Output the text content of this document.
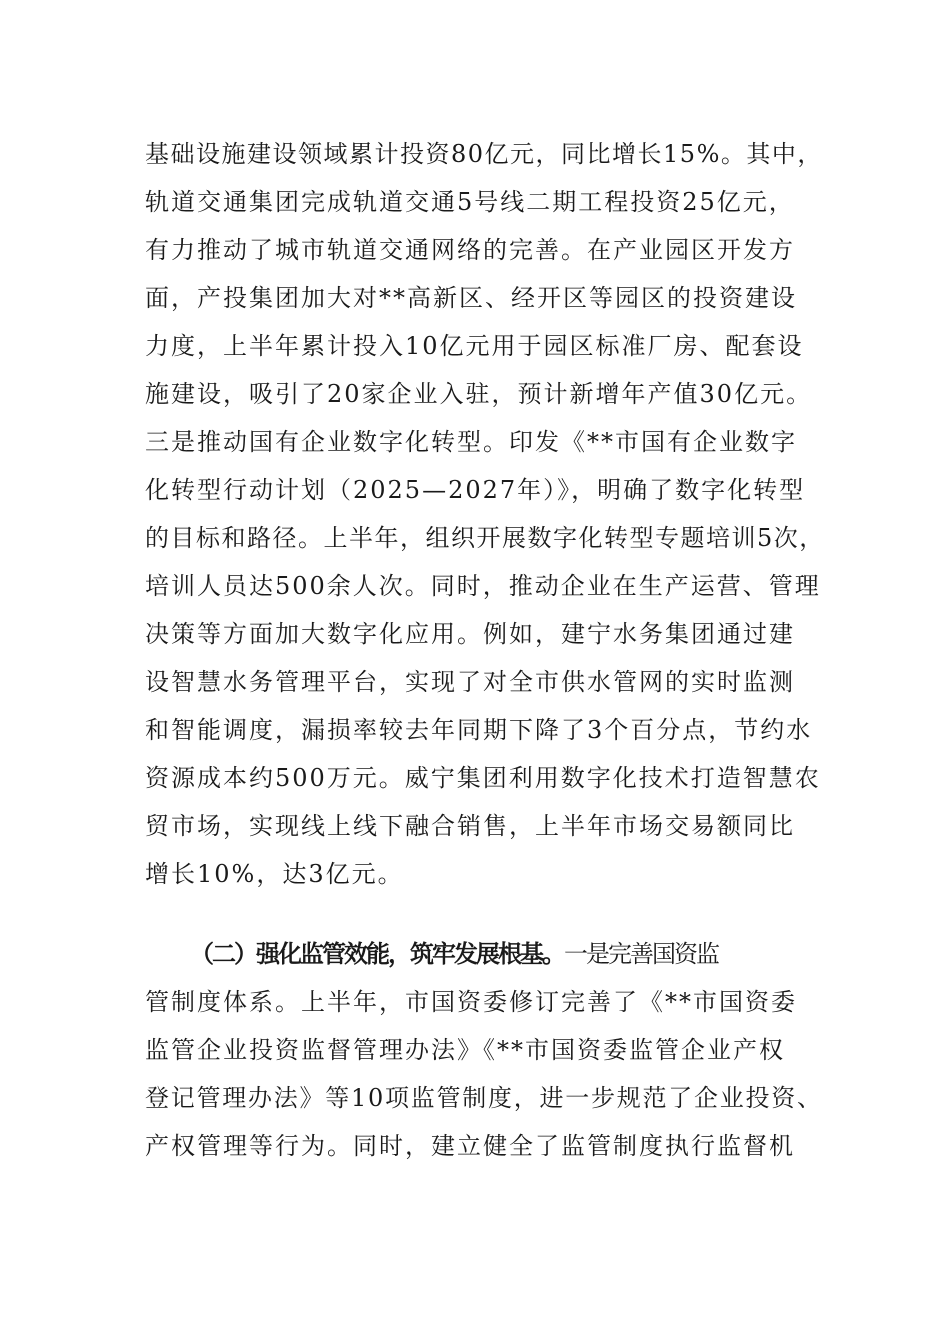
基础设施建设领域累计投资80亿元，同比增长15%。其中，
轨道交通集团完成轨道交通5号线二期工程投资25亿元，
有力推动了城市轨道交通网络的完善。在产业园区开发方
面，产投集团加大对**高新区、经开区等园区的投资建设
力度，上半年累计投入10亿元用于园区标准厂房、配套设
施建设，吸引了20家企业入驻，预计新增年产值30亿元。
三是推动国有企业数字化转型。印发《**市国有企业数字
化转型行动计划（2025—2027年）》，明确了数字化转型
的目标和路径。上半年，组织开展数字化转型专题培训5次，
培训人员达500余人次。同时，推动企业在生产运营、管理
决策等方面加大数字化应用。例如，建宁水务集团通过建
设智慧水务管理平台，实现了对全市供水管网的实时监测
和智能调度，漏损率较去年同期下降了3个百分点，节约水
资源成本约500万元。威宁集团利用数字化技术打造智慧农
贸市场，实现线上线下融合销售，上半年市场交易额同比
增长10%，达3亿元。
（二）强化监管效能，筑牢发展根基。一是完善国资监
管制度体系。上半年，市国资委修订完善了《**市国资委
监管企业投资监督管理办法》《**市国资委监管企业产权
登记管理办法》等10项监管制度，进一步规范了企业投资、
产权管理等行为。同时，建立健全了监管制度执行监督机
